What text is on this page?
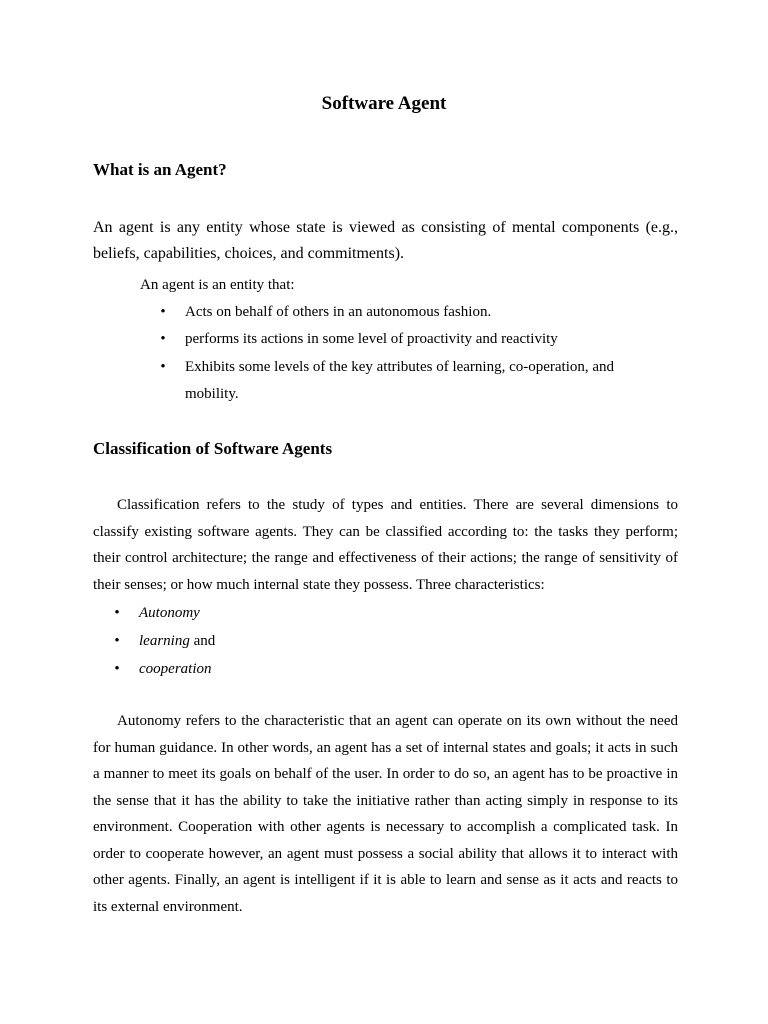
Software Agent
What is an Agent?
An agent is any entity whose state is viewed as consisting of mental components (e.g., beliefs, capabilities, choices, and commitments).
An agent is an entity that:
• Acts on behalf of others in an autonomous fashion.
• performs its actions in some level of proactivity and reactivity
• Exhibits some levels of the key attributes of learning, co-operation, and
mobility.
Classification of Software Agents
Classification refers to the study of types and entities. There are several dimensions to classify existing software agents. They can be classified according to: the tasks they perform; their control architecture; the range and effectiveness of their actions; the range of sensitivity of their senses; or how much internal state they possess. Three characteristics:
• Autonomy
• learning and
• cooperation
Autonomy refers to the characteristic that an agent can operate on its own without the need for human guidance. In other words, an agent has a set of internal states and goals; it acts in such a manner to meet its goals on behalf of the user. In order to do so, an agent has to be proactive in the sense that it has the ability to take the initiative rather than acting simply in response to its environment. Cooperation with other agents is necessary to accomplish a complicated task. In order to cooperate however, an agent must possess a social ability that allows it to interact with other agents. Finally, an agent is intelligent if it is able to learn and sense as it acts and reacts to its external environment.
